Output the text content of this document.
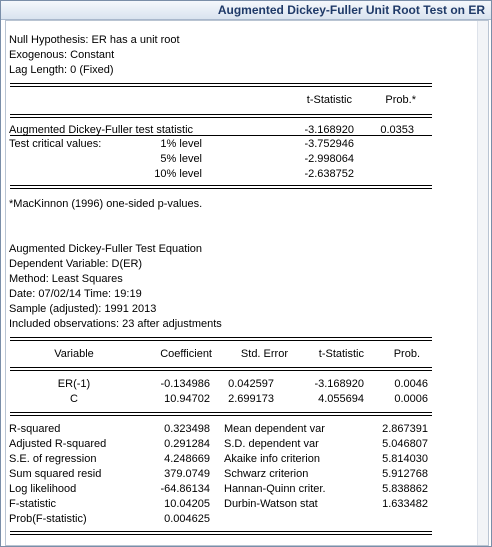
Augmented Dickey-Fuller Unit Root Test on ER
Null Hypothesis: ER has a unit root
Exogenous: Constant
Lag Length: 0 (Fixed)
t-Statistic	Prob.*
Augmented Dickey-Fuller test statistic	-3.168920	0.0353
Test critical values:	1% level	-3.752946
5% level	-2.998064
10% level	-2.638752
*MacKinnon (1996) one-sided p-values.
Augmented Dickey-Fuller Test Equation
Dependent Variable: D(ER)
Method: Least Squares
Date: 07/02/14 Time: 19:19
Sample (adjusted): 1991 2013
Included observations: 23 after adjustments
Variable	Coefficient	Std. Error	t-Statistic	Prob.
ER(-1)	-0.134986	0.042597	-3.168920	0.0046
C	10.94702	2.699173	4.055694	0.0006
R-squared	0.323498 Mean dependent var	2.867391
Adjusted R-squared	0.291284 S.D. dependent var	5.046807
S.E. of regression	4.248669 Akaike info criterion	5.814030
Sum squared resid	379.0749 Schwarz criterion	5.912768
Log likelihood	-64.86134 Hannan-Quinn criter.	5.838862
F-statistic	10.04205 Durbin-Watson stat	1.633482
Prob(F-statistic)	0.004625
